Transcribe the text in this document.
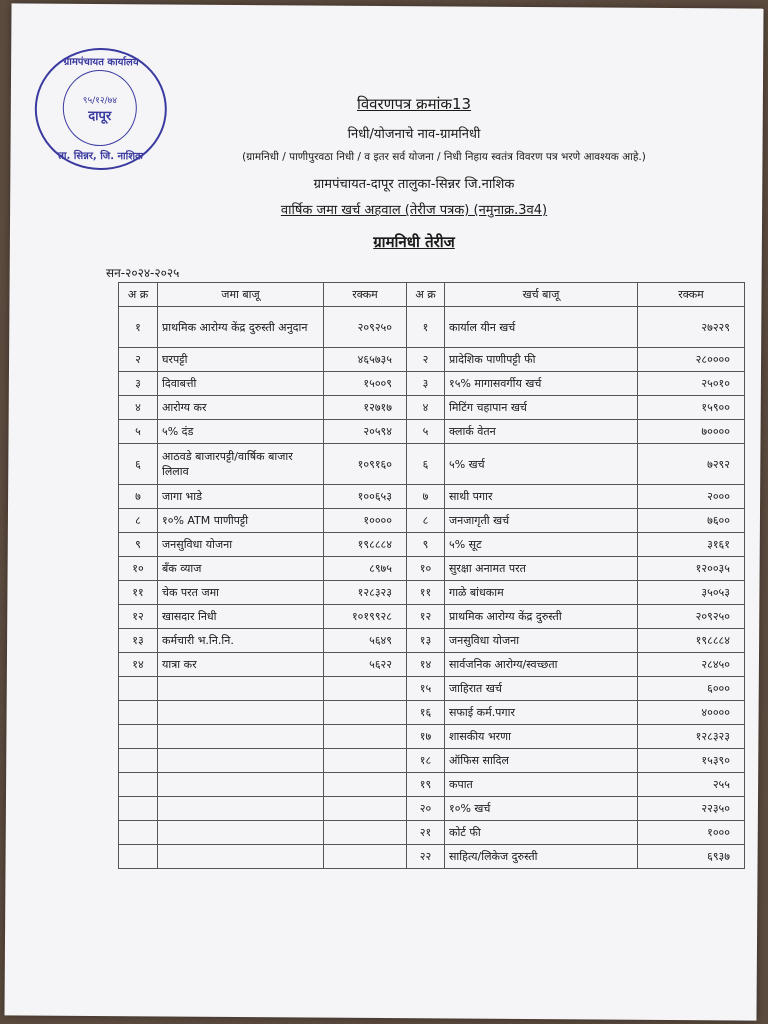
ग्रामपंचायत कार्यालय
९५/१२/७४
दापूर
ता. सिन्नर, जि. नाशिक
विवरणपत्र क्रमांक13
निधी/योजनाचे नाव-ग्रामनिधी
(ग्रामनिधी / पाणीपुरवठा निधी / व इतर सर्व योजना / निधी निहाय स्वतंत्र विवरण पत्र भरणे आवश्यक आहे.)
ग्रामपंचायत-दापूर तालुका-सिन्नर जि.नाशिक
वार्षिक जमा खर्च अहवाल (तेरीज पत्रक) (नमुनाक्र.3व4)
ग्रामनिधी तेरीज
सन-२०२४-२०२५
अ क्र	जमा बाजू	रक्कम	अ क्र	खर्च बाजू	रक्कम
१	प्राथमिक आरोग्य केंद्र दुरुस्ती अनुदान	२०९२५०	१	कार्याल यीन खर्च	२७२२९
२	घरपट्टी	४६५७३५	२	प्रादेशिक पाणीपट्टी फी	२८००००
३	दिवाबत्ती	१५००९	३	१५% मागासवर्गीय खर्च	२५०१०
४	आरोग्य कर	१२७१७	४	मिटिंग चहापान खर्च	१५९००
५	५% दंड	२०५९४	५	क्लार्क वेतन	७००००
६	आठवडे बाजारपट्टी/वार्षिक बाजार लिलाव	१०९१६०	६	५% खर्च	७२९२
७	जागा भाडे	१००६५३	७	साथी पगार	२०००
८	१०% ATM पाणीपट्टी	१००००	८	जनजागृती खर्च	७६००
९	जनसुविधा योजना	१९८८८४	९	५% सूट	३१६१
१०	बँक व्याज	८९७५	१०	सुरक्षा अनामत परत	१२००३५
११	चेक परत जमा	१२८३२३	११	गाळे बांधकाम	३५०५३
१२	खासदार निधी	१०१९९२८	१२	प्राथमिक आरोग्य केंद्र दुरुस्ती	२०९२५०
१३	कर्मचारी भ.नि.नि.	५६४९	१३	जनसुविधा योजना	१९८८८४
१४	यात्रा कर	५६२२	१४	सार्वजनिक आरोग्य/स्वच्छता	२८४५०
			१५	जाहिरात खर्च	६०००
			१६	सफाई कर्म.पगार	४००००
			१७	शासकीय भरणा	१२८३२३
			१८	ऑफिस सादिल	१५३९०
			१९	कपात	२५५
			२०	१०% खर्च	२२३५०
			२१	कोर्ट फी	१०००
			२२	साहित्य/लिकेज दुरुस्ती	६९३७
